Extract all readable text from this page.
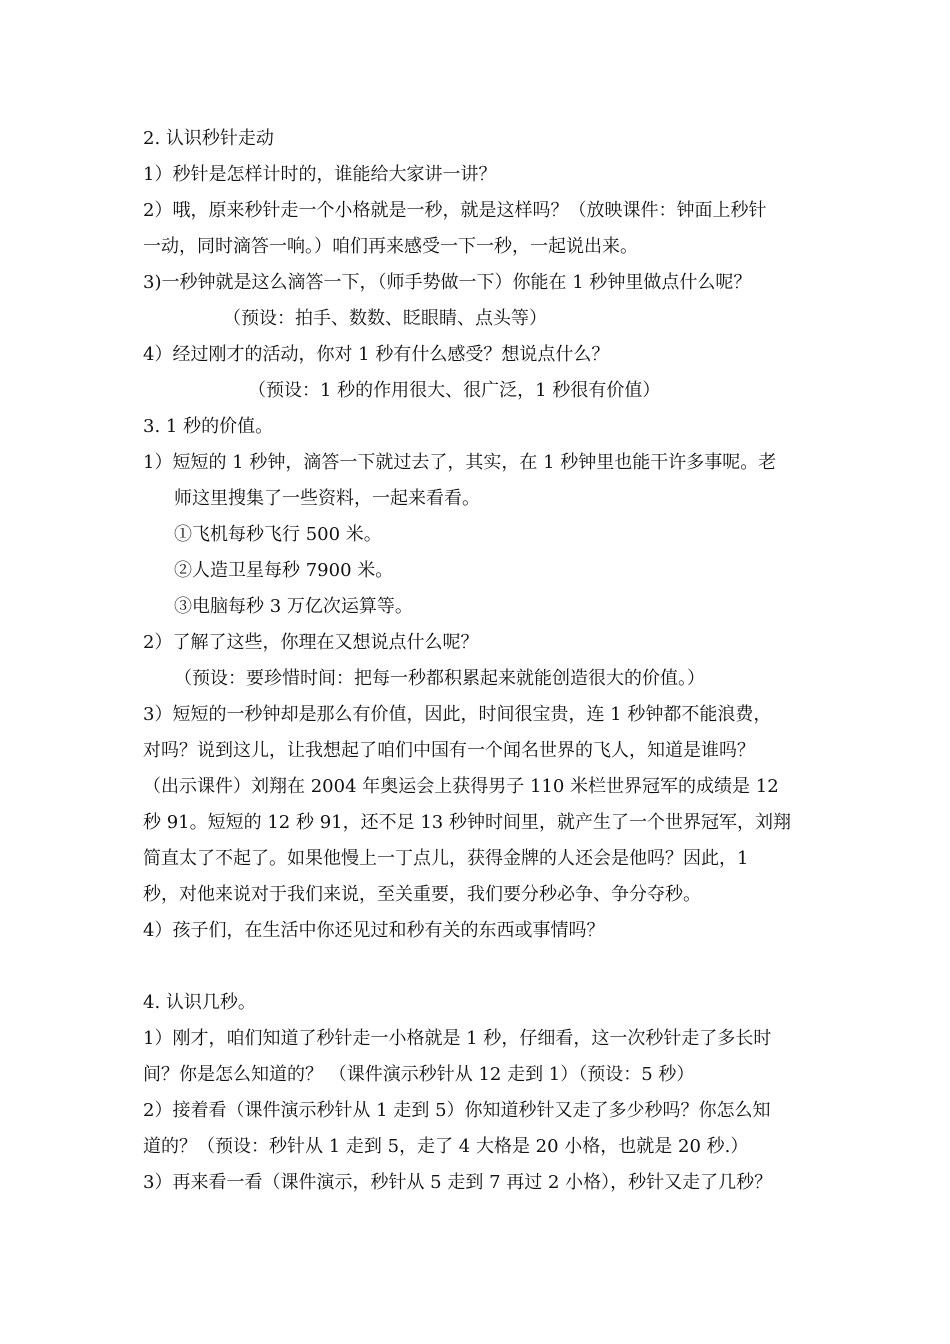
2. 认识秒针走动
1）秒针是怎样计时的，谁能给大家讲一讲？
2）哦，原来秒针走一个小格就是一秒，就是这样吗？（放映课件：钟面上秒针
一动，同时滴答一响。）咱们再来感受一下一秒，一起说出来。
3)一秒钟就是这么滴答一下，（师手势做一下）你能在 1 秒钟里做点什么呢？
（预设：拍手、数数、眨眼睛、点头等）
4）经过刚才的活动，你对 1 秒有什么感受？想说点什么？
（预设：1 秒的作用很大、很广泛，1 秒很有价值）
3. 1 秒的价值。
1）短短的 1 秒钟，滴答一下就过去了，其实，在 1 秒钟里也能干许多事呢。老
师这里搜集了一些资料，一起来看看。
①飞机每秒飞行 500 米。
②人造卫星每秒 7900 米。
③电脑每秒 3 万亿次运算等。
2）了解了这些，你理在又想说点什么呢？
（预设：要珍惜时间：把每一秒都积累起来就能创造很大的价值。）
3）短短的一秒钟却是那么有价值，因此，时间很宝贵，连 1 秒钟都不能浪费，
对吗？说到这儿，让我想起了咱们中国有一个闻名世界的飞人，知道是谁吗？
（出示课件）刘翔在 2004 年奥运会上获得男子 110 米栏世界冠军的成绩是 12
秒 91。短短的 12 秒 91，还不足 13 秒钟时间里，就产生了一个世界冠军，刘翔
简直太了不起了。如果他慢上一丁点儿，获得金牌的人还会是他吗？因此，1
秒，对他来说对于我们来说，至关重要，我们要分秒必争、争分夺秒。
4）孩子们，在生活中你还见过和秒有关的东西或事情吗？
4. 认识几秒。
1）刚才，咱们知道了秒针走一小格就是 1 秒，仔细看，这一次秒针走了多长时
间？你是怎么知道的？ （课件演示秒针从 12 走到 1）（预设：5 秒）
2）接着看（课件演示秒针从 1 走到 5）你知道秒针又走了多少秒吗？你怎么知
道的？（预设：秒针从 1 走到 5，走了 4 大格是 20 小格，也就是 20 秒.）
3）再来看一看（课件演示，秒针从 5 走到 7 再过 2 小格），秒针又走了几秒？
